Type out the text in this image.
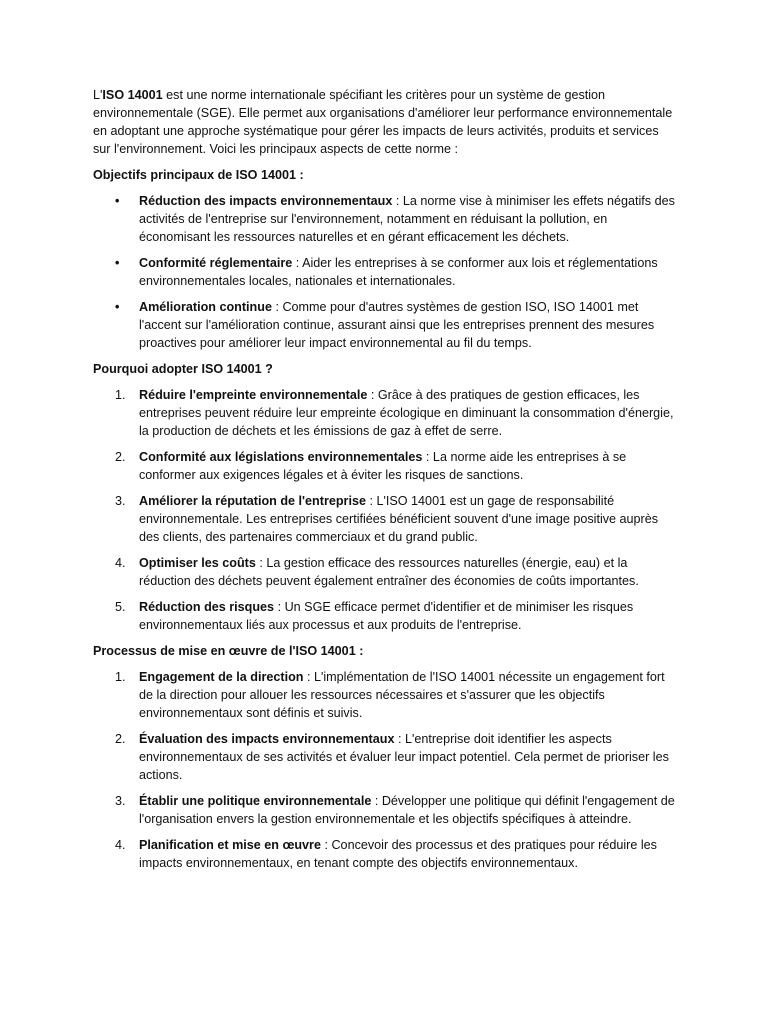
L'ISO 14001 est une norme internationale spécifiant les critères pour un système de gestion environnementale (SGE). Elle permet aux organisations d'améliorer leur performance environnementale en adoptant une approche systématique pour gérer les impacts de leurs activités, produits et services sur l'environnement. Voici les principaux aspects de cette norme :

Objectifs principaux de ISO 14001 :

• Réduction des impacts environnementaux : La norme vise à minimiser les effets négatifs des activités de l'entreprise sur l'environnement, notamment en réduisant la pollution, en économisant les ressources naturelles et en gérant efficacement les déchets.
• Conformité réglementaire : Aider les entreprises à se conformer aux lois et réglementations environnementales locales, nationales et internationales.
• Amélioration continue : Comme pour d'autres systèmes de gestion ISO, ISO 14001 met l'accent sur l'amélioration continue, assurant ainsi que les entreprises prennent des mesures proactives pour améliorer leur impact environnemental au fil du temps.

Pourquoi adopter ISO 14001 ?

1. Réduire l'empreinte environnementale : Grâce à des pratiques de gestion efficaces, les entreprises peuvent réduire leur empreinte écologique en diminuant la consommation d'énergie, la production de déchets et les émissions de gaz à effet de serre.
2. Conformité aux législations environnementales : La norme aide les entreprises à se conformer aux exigences légales et à éviter les risques de sanctions.
3. Améliorer la réputation de l'entreprise : L'ISO 14001 est un gage de responsabilité environnementale. Les entreprises certifiées bénéficient souvent d'une image positive auprès des clients, des partenaires commerciaux et du grand public.
4. Optimiser les coûts : La gestion efficace des ressources naturelles (énergie, eau) et la réduction des déchets peuvent également entraîner des économies de coûts importantes.
5. Réduction des risques : Un SGE efficace permet d'identifier et de minimiser les risques environnementaux liés aux processus et aux produits de l'entreprise.

Processus de mise en œuvre de l'ISO 14001 :

1. Engagement de la direction : L'implémentation de l'ISO 14001 nécessite un engagement fort de la direction pour allouer les ressources nécessaires et s'assurer que les objectifs environnementaux sont définis et suivis.
2. Évaluation des impacts environnementaux : L'entreprise doit identifier les aspects environnementaux de ses activités et évaluer leur impact potentiel. Cela permet de prioriser les actions.
3. Établir une politique environnementale : Développer une politique qui définit l'engagement de l'organisation envers la gestion environnementale et les objectifs spécifiques à atteindre.
4. Planification et mise en œuvre : Concevoir des processus et des pratiques pour réduire les impacts environnementaux, en tenant compte des objectifs environnementaux.
